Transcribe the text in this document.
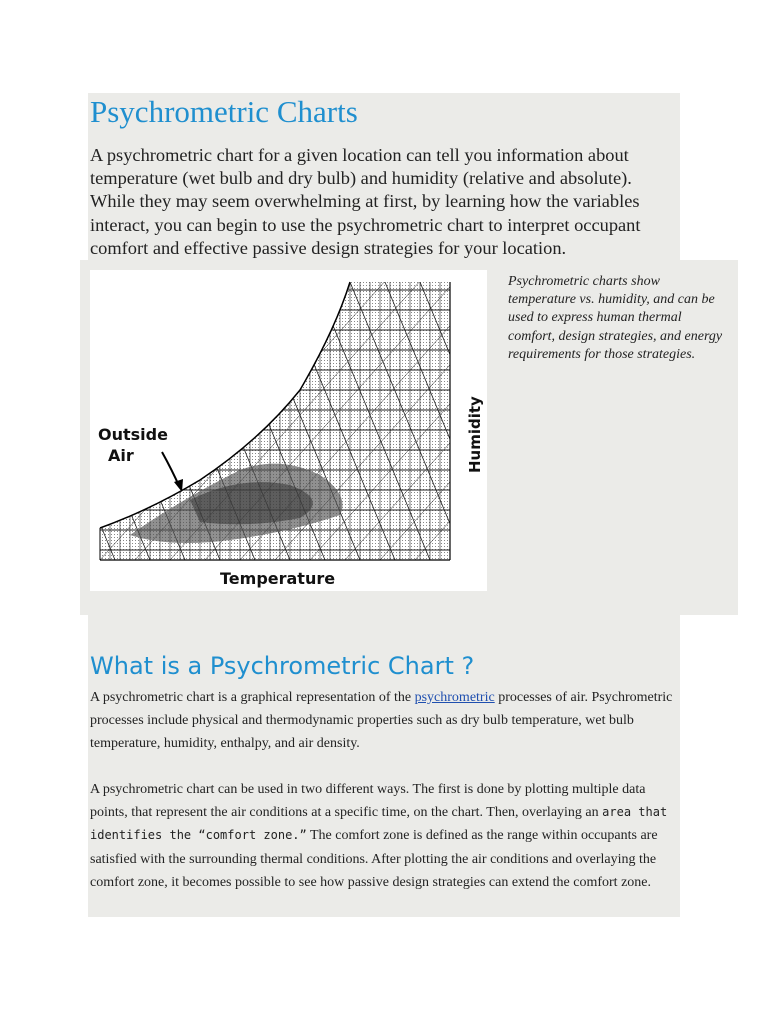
Psychrometric Charts

A psychrometric chart for a given location can tell you information about temperature (wet bulb and dry bulb) and humidity (relative and absolute). While they may seem overwhelming at first, by learning how the variables interact, you can begin to use the psychrometric chart to interpret occupant comfort and effective passive design strategies for your location.

Outside
Air	Humidity
Temperature

Psychrometric charts show temperature vs. humidity, and can be used to express human thermal comfort, design strategies, and energy requirements for those strategies.

What is a Psychrometric Chart ?

A psychrometric chart is a graphical representation of the psychrometric processes of air. Psychrometric processes include physical and thermodynamic properties such as dry bulb temperature, wet bulb temperature, humidity, enthalpy, and air density.

A psychrometric chart can be used in two different ways. The first is done by plotting multiple data points, that represent the air conditions at a specific time, on the chart. Then, overlaying an area that identifies the “comfort zone.” The comfort zone is defined as the range within occupants are satisfied with the surrounding thermal conditions. After plotting the air conditions and overlaying the comfort zone, it becomes possible to see how passive design strategies can extend the comfort zone.
